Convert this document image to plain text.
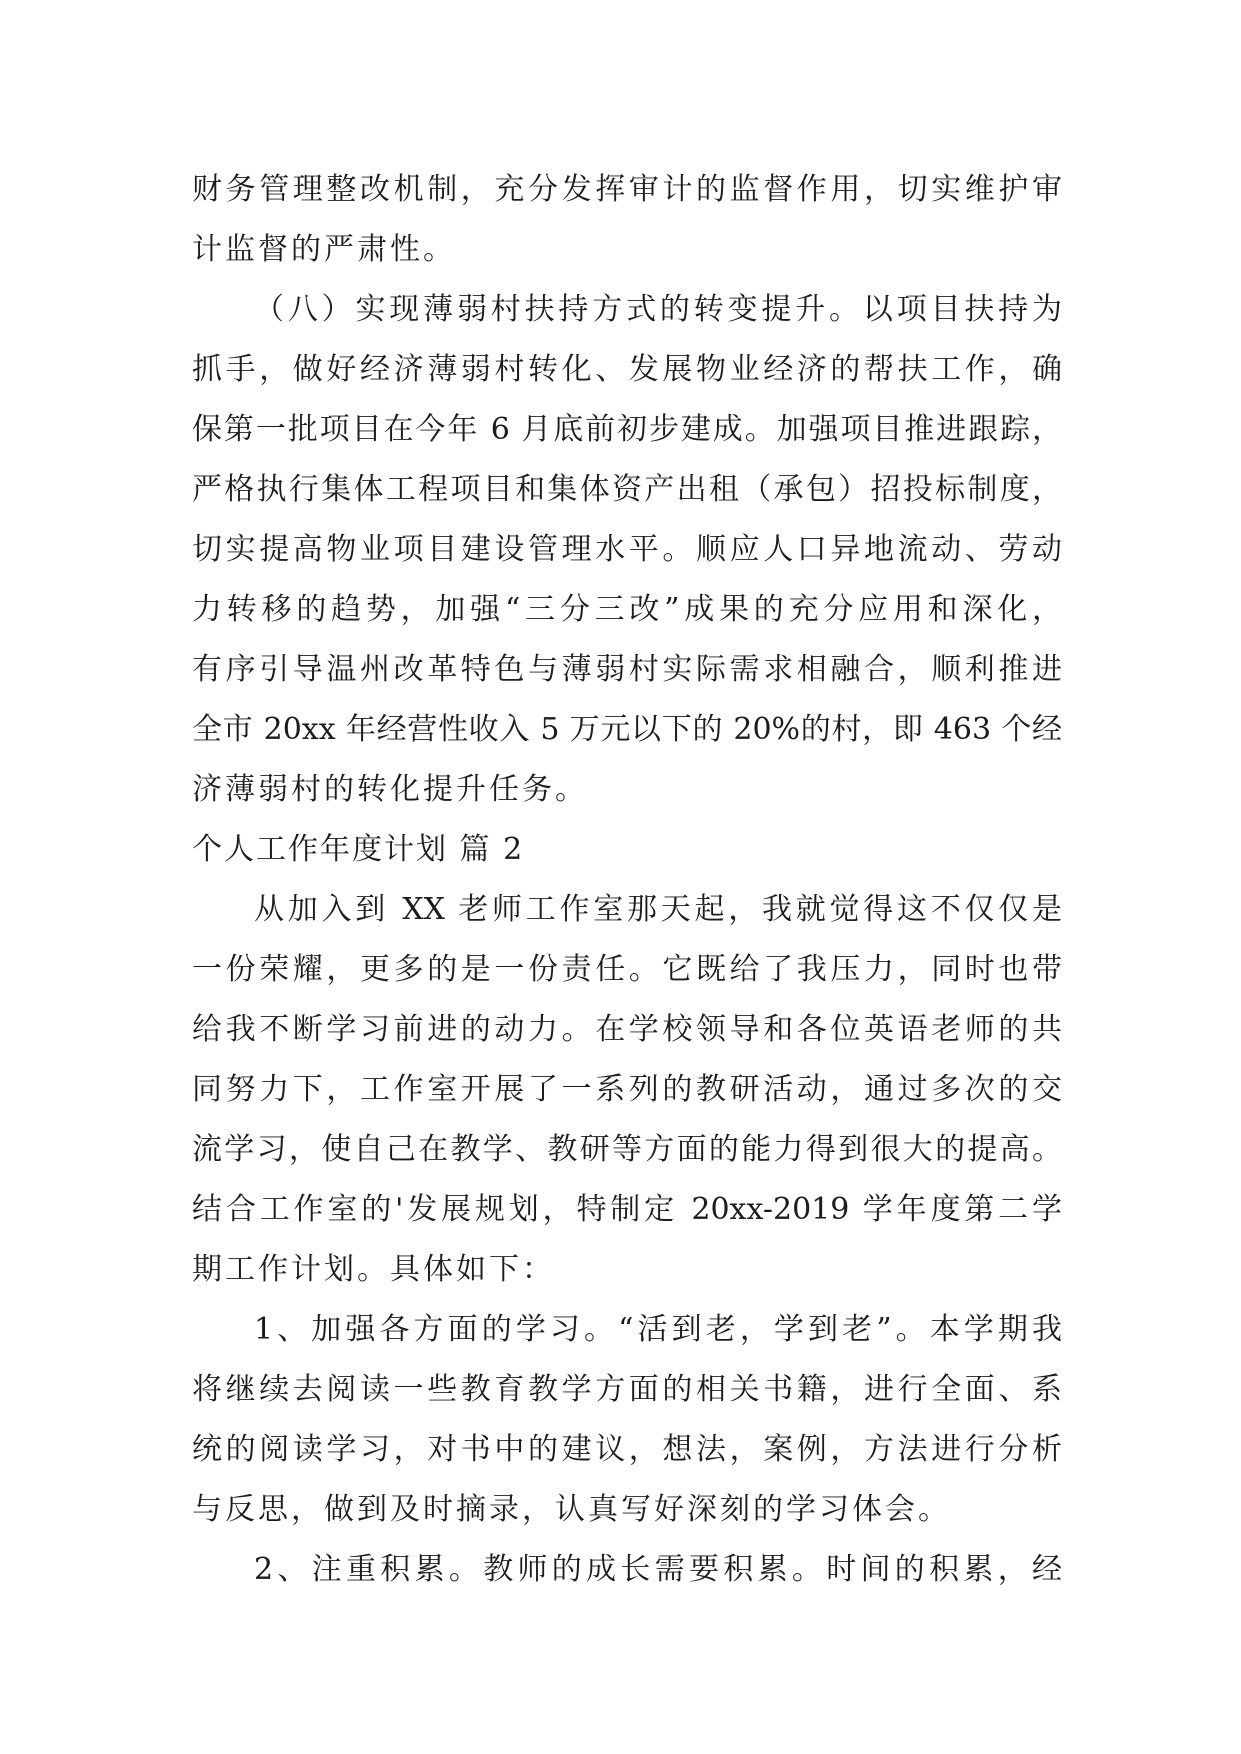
财务管理整改机制，充分发挥审计的监督作用，切实维护审
计监督的严肃性。
（八）实现薄弱村扶持方式的转变提升。以项目扶持为
抓手，做好经济薄弱村转化、发展物业经济的帮扶工作，确
保第一批项目在今年 6 月底前初步建成。加强项目推进跟踪，
严格执行集体工程项目和集体资产出租（承包）招投标制度，
切实提高物业项目建设管理水平。顺应人口异地流动、劳动
力转移的趋势，加强“三分三改”成果的充分应用和深化，
有序引导温州改革特色与薄弱村实际需求相融合，顺利推进
全市 20xx 年经营性收入 5 万元以下的 20%的村，即 463 个经
济薄弱村的转化提升任务。
个人工作年度计划 篇 2
从加入到 XX 老师工作室那天起，我就觉得这不仅仅是
一份荣耀，更多的是一份责任。它既给了我压力，同时也带
给我不断学习前进的动力。在学校领导和各位英语老师的共
同努力下，工作室开展了一系列的教研活动，通过多次的交
流学习，使自己在教学、教研等方面的能力得到很大的提高。
结合工作室的'发展规划，特制定 20xx-2019 学年度第二学
期工作计划。具体如下：
1、加强各方面的学习。“活到老，学到老”。本学期我
将继续去阅读一些教育教学方面的相关书籍，进行全面、系
统的阅读学习，对书中的建议，想法，案例，方法进行分析
与反思，做到及时摘录，认真写好深刻的学习体会。
2、注重积累。教师的成长需要积累。时间的积累，经
